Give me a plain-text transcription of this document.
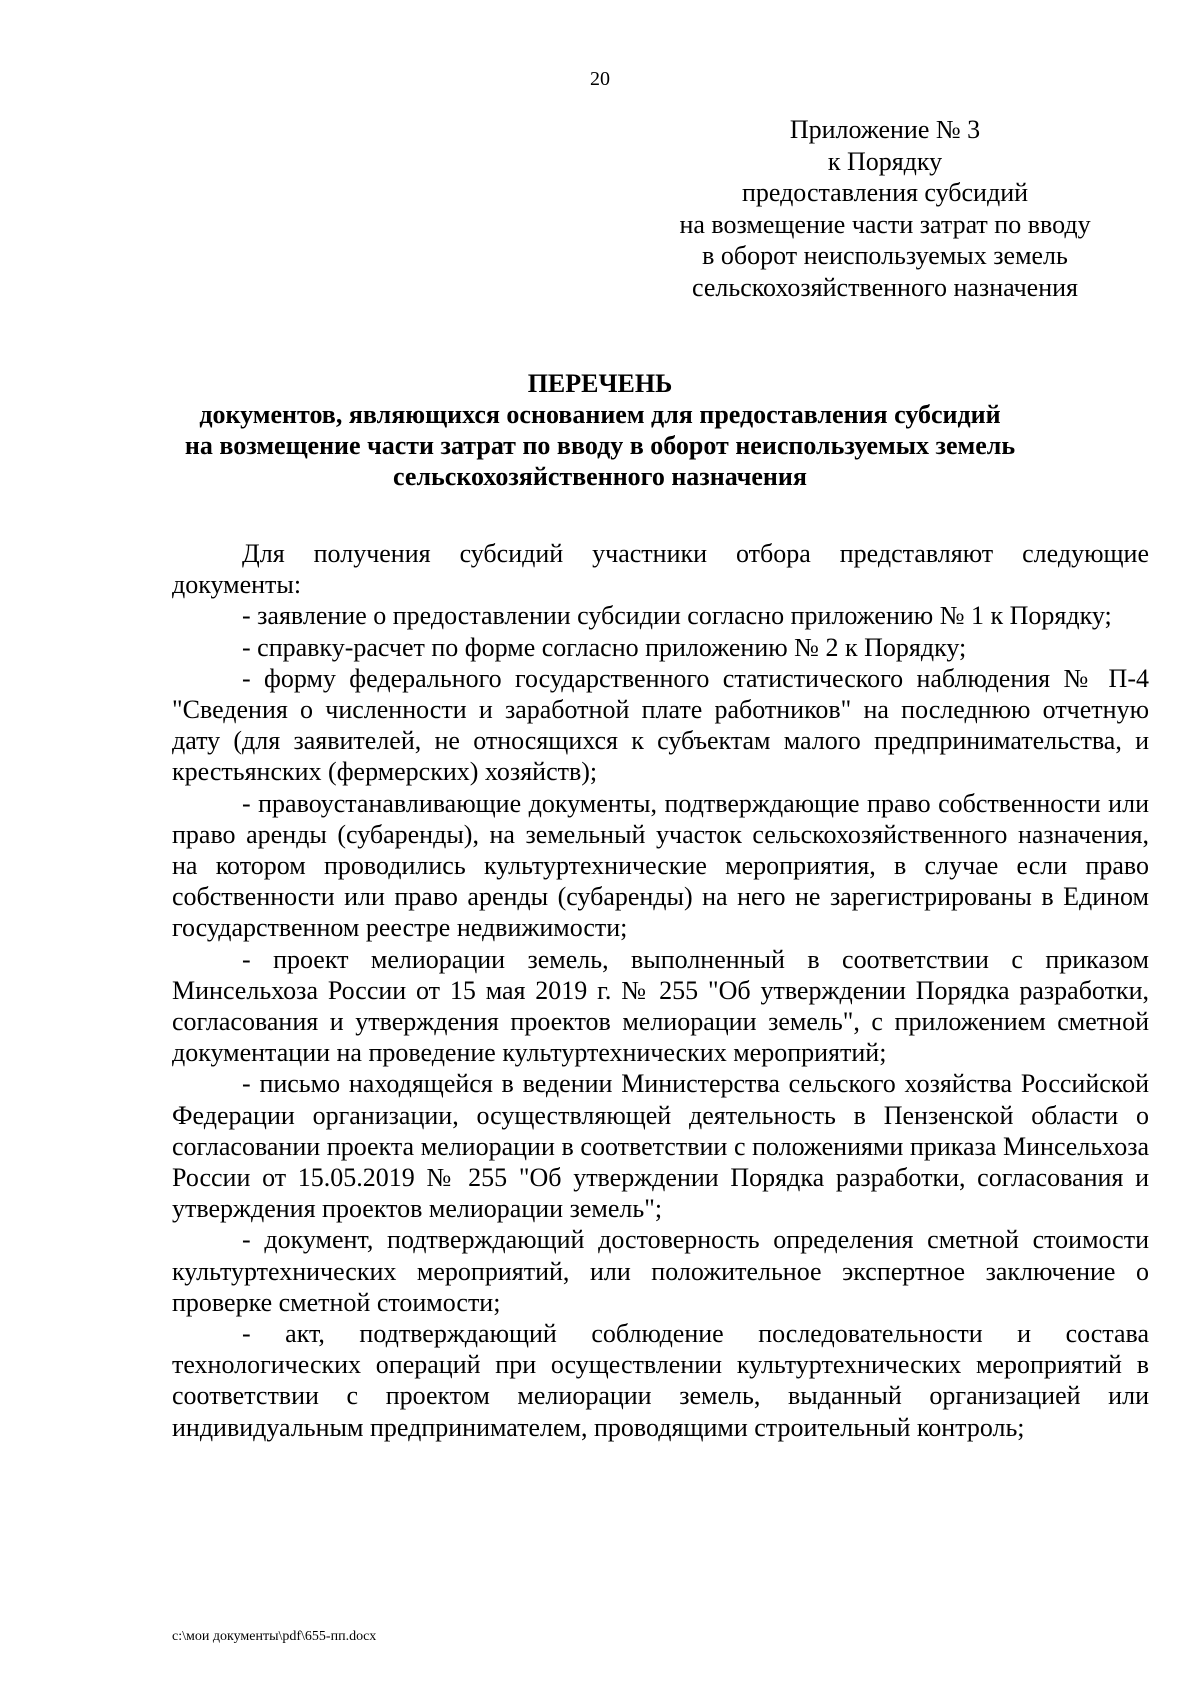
20
Приложение № 3
к Порядку
предоставления субсидий
на возмещение части затрат по вводу
в оборот неиспользуемых земель
сельскохозяйственного назначения
ПЕРЕЧЕНЬ
документов, являющихся основанием для предоставления субсидий
на возмещение части затрат по вводу в оборот неиспользуемых земель
сельскохозяйственного назначения

Для получения субсидий участники отбора представляют следующие документы:

- заявление о предоставлении субсидии согласно приложению № 1 к Порядку;

- справку-расчет по форме согласно приложению № 2 к Порядку;

- форму федерального государственного статистического наблюдения № П-4 "Сведения о численности и заработной плате работников" на последнюю отчетную дату (для заявителей, не относящихся к субъектам малого предпринимательства, и крестьянских (фермерских) хозяйств);

- правоустанавливающие документы, подтверждающие право собственности или право аренды (субаренды), на земельный участок сельскохозяйственного назначения, на котором проводились культуртехнические мероприятия, в случае если право собственности или право аренды (субаренды) на него не зарегистрированы в Едином государственном реестре недвижимости;

- проект мелиорации земель, выполненный в соответствии с приказом Минсельхоза России от 15 мая 2019 г. № 255 "Об утверждении Порядка разработки, согласования и утверждения проектов мелиорации земель", с приложением сметной документации на проведение культуртехнических мероприятий;

- письмо находящейся в ведении Министерства сельского хозяйства Российской Федерации организации, осуществляющей деятельность в Пензенской области о согласовании проекта мелиорации в соответствии с положениями приказа Минсельхоза России от 15.05.2019 № 255 "Об утверждении Порядка разработки, согласования и утверждения проектов мелиорации земель";

- документ, подтверждающий достоверность определения сметной стоимости культуртехнических мероприятий, или положительное экспертное заключение о проверке сметной стоимости;

- акт, подтверждающий соблюдение последовательности и состава технологических операций при осуществлении культуртехнических мероприятий в соответствии с проектом мелиорации земель, выданный организацией или индивидуальным предпринимателем, проводящими строительный контроль;

c:\мои документы\pdf\655-пп.docx
